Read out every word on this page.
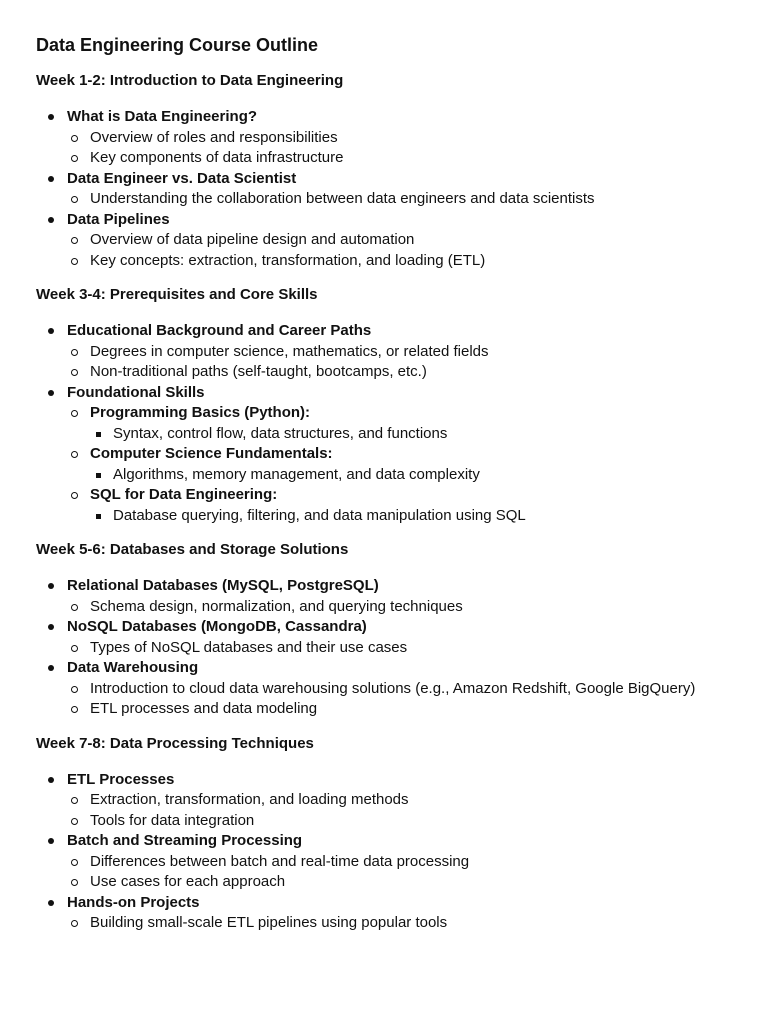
Data Engineering Course Outline
Week 1-2: Introduction to Data Engineering
What is Data Engineering?
Overview of roles and responsibilities
Key components of data infrastructure
Data Engineer vs. Data Scientist
Understanding the collaboration between data engineers and data scientists
Data Pipelines
Overview of data pipeline design and automation
Key concepts: extraction, transformation, and loading (ETL)
Week 3-4: Prerequisites and Core Skills
Educational Background and Career Paths
Degrees in computer science, mathematics, or related fields
Non-traditional paths (self-taught, bootcamps, etc.)
Foundational Skills
Programming Basics (Python):
Syntax, control flow, data structures, and functions
Computer Science Fundamentals:
Algorithms, memory management, and data complexity
SQL for Data Engineering:
Database querying, filtering, and data manipulation using SQL
Week 5-6: Databases and Storage Solutions
Relational Databases (MySQL, PostgreSQL)
Schema design, normalization, and querying techniques
NoSQL Databases (MongoDB, Cassandra)
Types of NoSQL databases and their use cases
Data Warehousing
Introduction to cloud data warehousing solutions (e.g., Amazon Redshift, Google BigQuery)
ETL processes and data modeling
Week 7-8: Data Processing Techniques
ETL Processes
Extraction, transformation, and loading methods
Tools for data integration
Batch and Streaming Processing
Differences between batch and real-time data processing
Use cases for each approach
Hands-on Projects
Building small-scale ETL pipelines using popular tools
